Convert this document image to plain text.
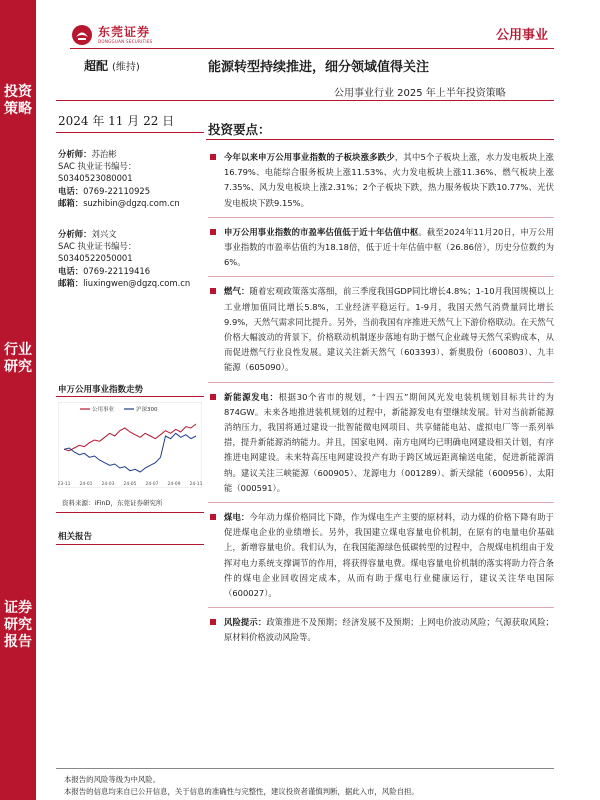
投资策略
行业研究
证券研究报告
东莞证券
DONGGUAN SECURITIES	公用事业
超配 (维持)	能源转型持续推进，细分领域值得关注
公用事业行业 2025 年上半年投资策略
2024 年 11 月 22 日
分析师：苏治彬
SAC 执业证书编号：
S0340523080001
电话：0769-22110925
邮箱：suzhibin@dgzq.com.cn
分析师：刘兴文
SAC 执业证书编号：
S0340522050001
电话：0769-22119416
邮箱：liuxingwen@dgzq.com.cn
申万公用事业指数走势
公用事业	沪深300
23-11 24-01 24-03 24-05 24-07 24-09 24-11
资料来源：iFinD，东莞证券研究所
相关报告
投资要点：
今年以来申万公用事业指数的子板块涨多跌少，其中5个子板块上涨，水力发电板块上涨16.79%、电能综合服务板块上涨11.53%、火力发电板块上涨11.36%、燃气板块上涨7.35%、风力发电板块上涨2.31%；2个子板块下跌，热力服务板块下跌10.77%、光伏发电板块下跌9.15%。
申万公用事业指数的市盈率估值低于近十年估值中枢。截至2024年11月20日，申万公用事业指数的市盈率估值约为18.18倍，低于近十年估值中枢（26.86倍），历史分位数约为6%。
燃气：随着宏观政策落实落细，前三季度我国GDP同比增长4.8%；1-10月我国规模以上工业增加值同比增长5.8%，工业经济平稳运行。1-9月，我国天然气消费量同比增长9.9%，天然气需求同比提升。另外，当前我国有序推进天然气上下游价格联动。在天然气价格大幅波动的背景下，价格联动机制逐步落地有助于燃气企业疏导天然气采购成本，从而促进燃气行业良性发展。建议关注新天然气（603393）、新奥股份（600803）、九丰能源（605090）。
新能源发电：根据30个省市的规划，“十四五”期间风光发电装机规划目标共计约为874GW。未来各地推进装机规划的过程中，新能源发电有望继续发展。针对当前新能源消纳压力，我国将通过建设一批智能微电网项目、共享储能电站、虚拟电厂等一系列举措，提升新能源消纳能力。并且，国家电网、南方电网均已明确电网建设相关计划，有序推进电网建设。未来特高压电网建设投产有助于跨区域远距离输送电能，促进新能源消纳。建议关注三峡能源（600905）、龙源电力（001289）、新天绿能（600956）、太阳能（000591）。
煤电：今年动力煤价格同比下降，作为煤电生产主要的原材料，动力煤的价格下降有助于促进煤电企业的业绩增长。另外，我国建立煤电容量电价机制，在原有的电量电价基础上，新增容量电价。我们认为，在我国能源绿色低碳转型的过程中，合规煤电机组由于发挥对电力系统支撑调节的作用，将获得容量电费。煤电容量电价机制的落实将助力符合条件的煤电企业回收固定成本，从而有助于煤电行业健康运行，建议关注华电国际（600027）。
风险提示：政策推进不及预期；经济发展不及预期；上网电价波动风险；气源获取风险；原材料价格波动风险等。
本报告的风险等级为中风险。
本报告的信息均来自已公开信息，关于信息的准确性与完整性，建议投资者谨慎判断，据此入市，风险自担。
